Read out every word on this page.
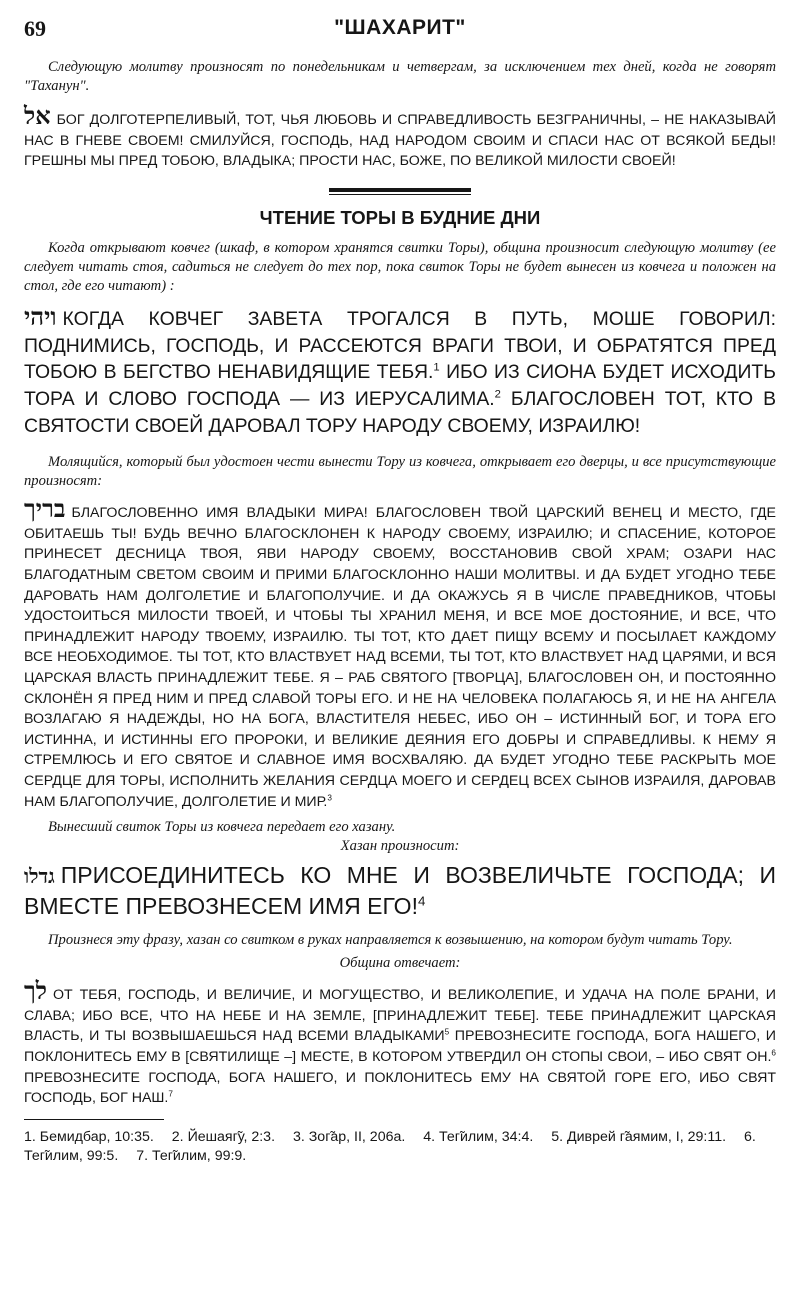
69	"ШАХАРИТ"

Следующую молитву произносят по понедельникам и четвергам, за исключением тех дней, когда не говорят "Таханун".

אל БОГ ДОЛГОТЕРПЕЛИВЫЙ, ТОТ, ЧЬЯ ЛЮБОВЬ И СПРАВЕДЛИВОСТЬ БЕЗГРАНИЧНЫ, – НЕ НАКАЗЫВАЙ НАС В ГНЕВЕ СВОЕМ! СМИЛУЙСЯ, ГОСПОДЬ, НАД НАРОДОМ СВОИМ И СПАСИ НАС ОТ ВСЯКОЙ БЕДЫ! ГРЕШНЫ МЫ ПРЕД ТОБОЮ, ВЛАДЫКА; ПРОСТИ НАС, БОЖЕ, ПО ВЕЛИКОЙ МИЛОСТИ СВОЕЙ!

ЧТЕНИЕ ТОРЫ В БУДНИЕ ДНИ

Когда открывают ковчег (шкаф, в котором хранятся свитки Торы), община произносит следующую молитву (ее следует читать стоя, садиться не следует до тех пор, пока свиток Торы не будет вынесен из ковчега и положен на стол, где его читают) :

ויהי КОГДА КОВЧЕГ ЗАВЕТА ТРОГАЛСЯ В ПУТЬ, МОШЕ ГОВОРИЛ: ПОДНИМИСЬ, ГОСПОДЬ, И РАССЕЮТСЯ ВРАГИ ТВОИ, И ОБРАТЯТСЯ ПРЕД ТОБОЮ В БЕГСТВО НЕНАВИДЯЩИЕ ТЕБЯ.$^1$ ИБО ИЗ СИОНА БУДЕТ ИСХОДИТЬ ТОРА И СЛОВО ГОСПОДА — ИЗ ИЕРУСАЛИМА.$^2$ БЛАГОСЛОВЕН ТОТ, КТО В СВЯТОСТИ СВОЕЙ ДАРОВАЛ ТОРУ НАРОДУ СВОЕМУ, ИЗРАИЛЮ!

Молящийся, который был удостоен чести вынести Тору из ковчега, открывает его дверцы, и все присутствующие произносят:

בריך БЛАГОСЛОВЕННО ИМЯ ВЛАДЫКИ МИРА! БЛАГОСЛОВЕН ТВОЙ ЦАРСКИЙ ВЕНЕЦ И МЕСТО, ГДЕ ОБИТАЕШЬ ТЫ! БУДЬ ВЕЧНО БЛАГОСКЛОНЕН К НАРОДУ СВОЕМУ, ИЗРАИЛЮ; И СПАСЕНИЕ, КОТОРОЕ ПРИНЕСЕТ ДЕСНИЦА ТВОЯ, ЯВИ НАРОДУ СВОЕМУ, ВОССТАНОВИВ СВОЙ ХРАМ; ОЗАРИ НАС БЛАГОДАТНЫМ СВЕТОМ СВОИМ И ПРИМИ БЛАГОСКЛОННО НАШИ МОЛИТВЫ. И ДА БУДЕТ УГОДНО ТЕБЕ ДАРОВАТЬ НАМ ДОЛГОЛЕТИЕ И БЛАГОПОЛУЧИЕ. И ДА ОКАЖУСЬ Я В ЧИСЛЕ ПРАВЕДНИКОВ, ЧТОБЫ УДОСТОИТЬСЯ МИЛОСТИ ТВОЕЙ, И ЧТОБЫ ТЫ ХРАНИЛ МЕНЯ, И ВСЕ МОЕ ДОСТОЯНИЕ, И ВСЕ, ЧТО ПРИНАДЛЕЖИТ НАРОДУ ТВОЕМУ, ИЗРАИЛЮ. ТЫ ТОТ, КТО ДАЕТ ПИЩУ ВСЕМУ И ПОСЫЛАЕТ КАЖДОМУ ВСЕ НЕОБХОДИМОЕ. ТЫ ТОТ, КТО ВЛАСТВУЕТ НАД ВСЕМИ, ТЫ ТОТ, КТО ВЛАСТВУЕТ НАД ЦАРЯМИ, И ВСЯ ЦАРСКАЯ ВЛАСТЬ ПРИНАДЛЕЖИТ ТЕБЕ. Я – РАБ СВЯТОГО [ТВОРЦА], БЛАГОСЛОВЕН ОН, И ПОСТОЯННО СКЛОНЁН Я ПРЕД НИМ И ПРЕД СЛАВОЙ ТОРЫ ЕГО. И НЕ НА ЧЕЛОВЕКА ПОЛАГАЮСЬ Я, И НЕ НА АНГЕЛА ВОЗЛАГАЮ Я НАДЕЖДЫ, НО НА БОГА, ВЛАСТИТЕЛЯ НЕБЕС, ИБО ОН – ИСТИННЫЙ БОГ, И ТОРА ЕГО ИСТИННА, И ИСТИННЫ ЕГО ПРОРОКИ, И ВЕЛИКИЕ ДЕЯНИЯ ЕГО ДОБРЫ И СПРАВЕДЛИВЫ. К НЕМУ Я СТРЕМЛЮСЬ И ЕГО СВЯТОЕ И СЛАВНОЕ ИМЯ ВОСХВАЛЯЮ. ДА БУДЕТ УГОДНО ТЕБЕ РАСКРЫТЬ МОЕ СЕРДЦЕ ДЛЯ ТОРЫ, ИСПОЛНИТЬ ЖЕЛАНИЯ СЕРДЦА МОЕГО И СЕРДЕЦ ВСЕХ СЫНОВ ИЗРАИЛЯ, ДАРОВАВ НАМ БЛАГОПОЛУЧИЕ, ДОЛГОЛЕТИЕ И МИР.$^3$

Вынесший свиток Торы из ковчега передает его хазану.

Хазан произносит:

גדלו ПРИСОЕДИНИТЕСЬ КО МНЕ И ВОЗВЕЛИЧЬТЕ ГОСПОДА; И ВМЕСТЕ ПРЕВОЗНЕСЕМ ИМЯ ЕГО!$^4$

Произнеся эту фразу, хазан со свитком в руках направляется к возвышению, на котором будут читать Тору.

Община отвечает:

לך ОТ ТЕБЯ, ГОСПОДЬ, И ВЕЛИЧИЕ, И МОГУЩЕСТВО, И ВЕЛИКОЛЕПИЕ, И УДАЧА НА ПОЛЕ БРАНИ, И СЛАВА; ИБО ВСЕ, ЧТО НА НЕБЕ И НА ЗЕМЛЕ, [ПРИНАДЛЕЖИТ ТЕБЕ]. ТЕБЕ ПРИНАДЛЕЖИТ ЦАРСКАЯ ВЛАСТЬ, И ТЫ ВОЗВЫШАЕШЬСЯ НАД ВСЕМИ ВЛАДЫКАМИ$^5$ ПРЕВОЗНЕСИТЕ ГОСПОДА, БОГА НАШЕГО, И ПОКЛОНИТЕСЬ ЕМУ В [СВЯТИЛИЩЕ –] МЕСТЕ, В КОТОРОМ УТВЕРДИЛ ОН СТОПЫ СВОИ, – ИБО СВЯТ ОН.$^6$ ПРЕВОЗНЕСИТЕ ГОСПОДА, БОГА НАШЕГО, И ПОКЛОНИТЕСЬ ЕМУ НА СВЯТОЙ ГОРЕ ЕГО, ИБО СВЯТ ГОСПОДЬ, БОГ НАШ.$^7$

1. Бемидбар, 10:35. 2. Йешаяг̃у, 2:3. 3. Зог̃ар, II, 206а. 4. Тег̃илим, 34:4. 5. Диврей г̃аямим, I, 29:11. 6. Тег̃илим, 99:5. 7. Тег̃илим, 99:9.
